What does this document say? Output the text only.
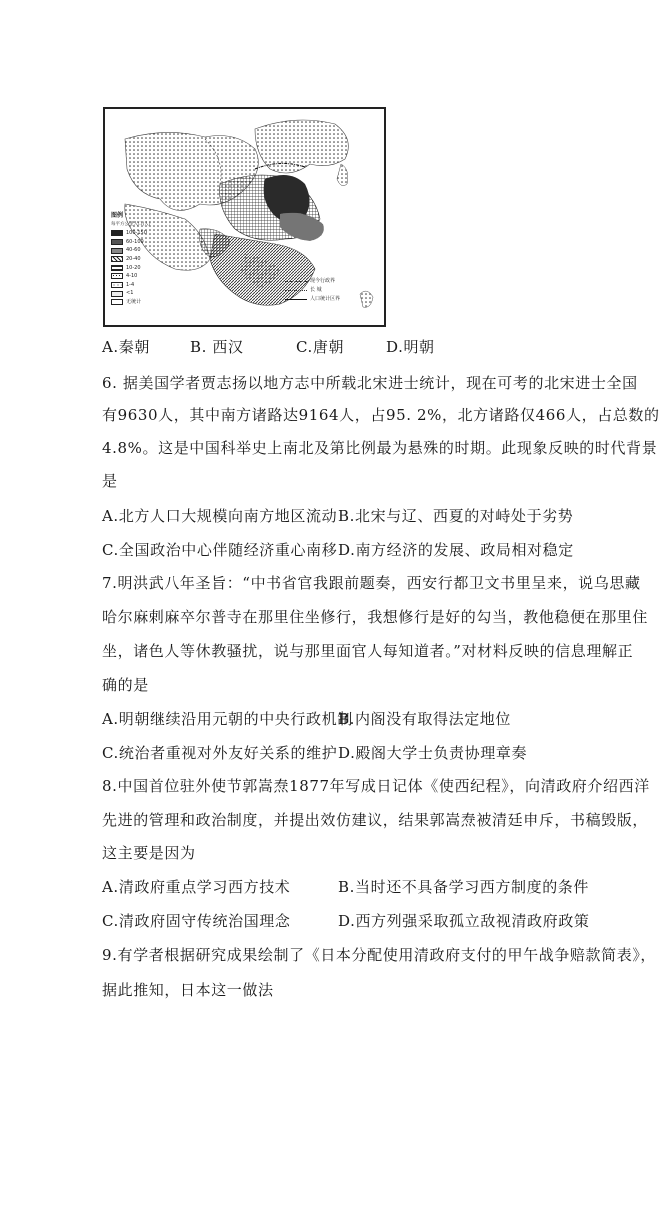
图例
每平方公里人口(人)
100-150
60-100
40-60
20-40
10-20
4-10
1-4
<1
无统计
现今行政界
长 城
人口统计区界
A.秦朝	B. 西汉	C.唐朝	D.明朝
6. 据美国学者贾志扬以地方志中所载北宋进士统计，现在可考的北宋进士全国
有9630人，其中南方诸路达9164人，占95. 2%，北方诸路仅466人，占总数的
4.8%。这是中国科举史上南北及第比例最为悬殊的时期。此现象反映的时代背景
是
A.北方人口大规模向南方地区流动 B.北宋与辽、西夏的对峙处于劣势
C.全国政治中心伴随经济重心南移 D.南方经济的发展、政局相对稳定
7.明洪武八年圣旨：“中书省官我跟前题奏，西安行都卫文书里呈来，说乌思藏
哈尔麻剌麻卒尔普寺在那里住坐修行，我想修行是好的勾当，教他稳便在那里住
坐，诸色人等休教骚扰，说与那里面官人每知道者。”对材料反映的信息理解正
确的是
A.明朝继续沿用元朝的中央行政机制
B.内阁没有取得法定地位
C.统治者重视对外友好关系的维护 D.殿阁大学士负责协理章奏
8.中国首位驻外使节郭嵩焘1877年写成日记体《使西纪程》，向清政府介绍西洋
先进的管理和政治制度，并提出效仿建议，结果郭嵩焘被清廷申斥，书稿毁版，
这主要是因为
A.清政府重点学习西方技术	B.当时还不具备学习西方制度的条件
C.清政府固守传统治国理念	D.西方列强采取孤立敌视清政府政策
9.有学者根据研究成果绘制了《日本分配使用清政府支付的甲午战争赔款简表》，
据此推知，日本这一做法
